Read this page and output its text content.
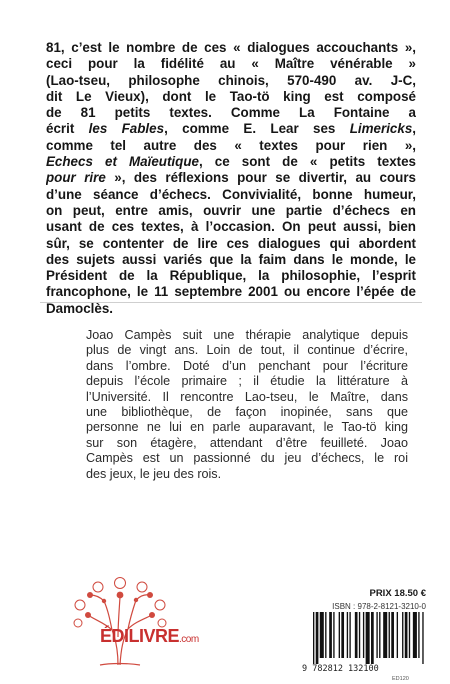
81, c’est le nombre de ces « dialogues accouchants »,
ceci pour la fidélité au « Maître vénérable »
(Lao-tseu, philosophe chinois, 570-490 av. J-C,
dit Le Vieux), dont le Tao-tö king est composé
de 81 petits textes. Comme La Fontaine a
écrit les Fables, comme E. Lear ses Limericks,
comme tel autre des « textes pour rien »,
Echecs et Maïeutique, ce sont de « petits textes
pour rire », des réflexions pour se divertir, au cours
d’une séance d’échecs. Convivialité, bonne humeur,
on peut, entre amis, ouvrir une partie d’échecs en
usant de ces textes, à l’occasion. On peut aussi, bien
sûr, se contenter de lire ces dialogues qui abordent
des sujets aussi variés que la faim dans le monde, le
Président de la République, la philosophie, l’esprit
francophone, le 11 septembre 2001 ou encore l’épée de
Damoclès.
Joao Campès suit une thérapie analytique depuis
plus de vingt ans. Loin de tout, il continue d’écrire,
dans l’ombre. Doté d’un penchant pour l’écriture
depuis l’école primaire ; il étudie la littérature à
l’Université. Il rencontre Lao-tseu, le Maître, dans
une bibliothèque, de façon inopinée, sans que
personne ne lui en parle auparavant, le Tao-tö king
sur son étagère, attendant d’être feuilleté. Joao
Campès est un passionné du jeu d’échecs, le roi
des jeux, le jeu des rois.
ÉDILIVRE.com
PRIX 18.50 €
ISBN : 978-2-8121-3210-0
9 782812 132100
ED120
